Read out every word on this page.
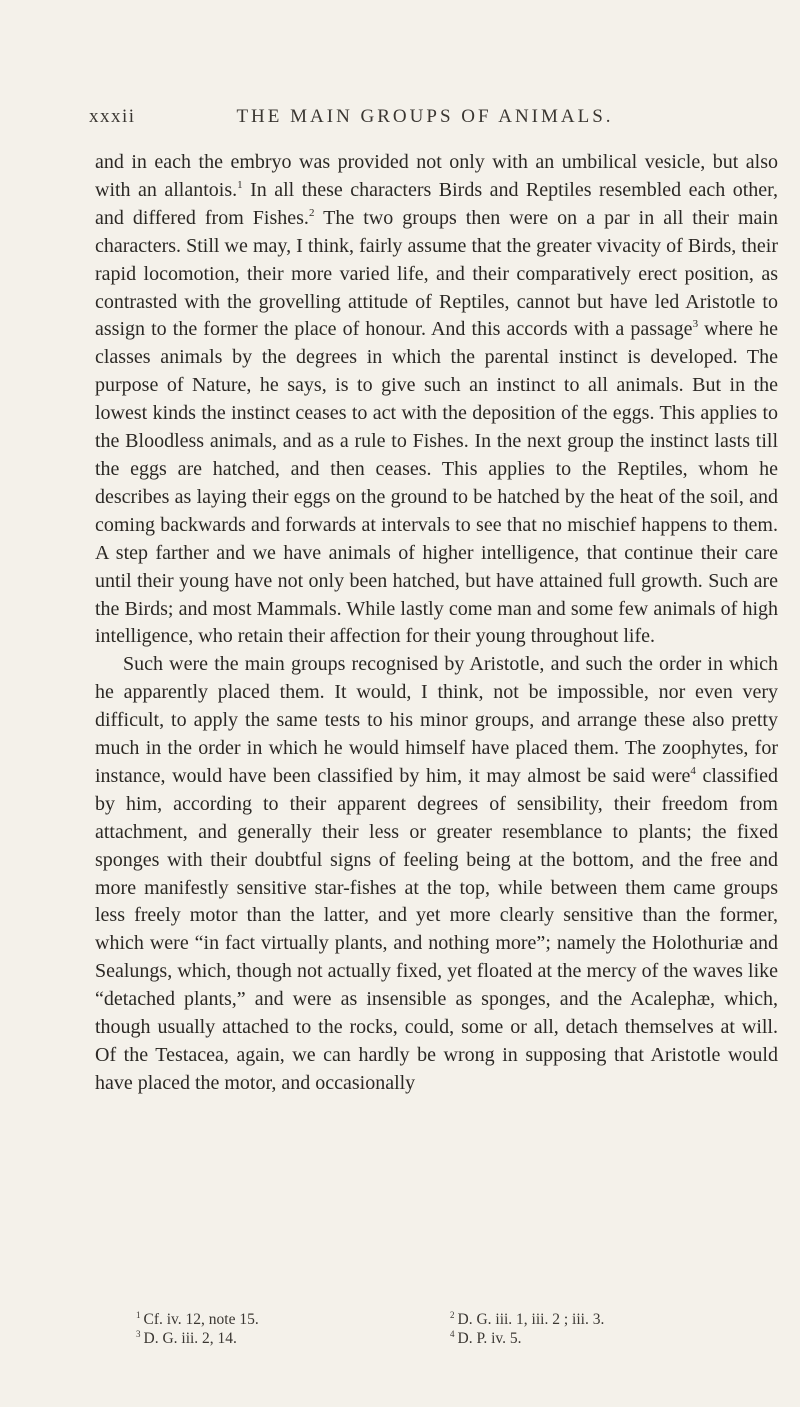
xxxii	THE MAIN GROUPS OF ANIMALS.

and in each the embryo was provided not only with an umbilical vesicle, but also with an allantois.$^1$ In all these characters Birds and Reptiles resembled each other, and differed from Fishes.$^2$ The two groups then were on a par in all their main characters. Still we may, I think, fairly assume that the greater vivacity of Birds, their rapid locomotion, their more varied life, and their comparatively erect position, as contrasted with the grovelling attitude of Reptiles, cannot but have led Aristotle to assign to the former the place of honour. And this accords with a passage$^3$ where he classes animals by the degrees in which the parental instinct is developed. The purpose of Nature, he says, is to give such an instinct to all animals. But in the lowest kinds the instinct ceases to act with the deposition of the eggs. This applies to the Bloodless animals, and as a rule to Fishes. In the next group the instinct lasts till the eggs are hatched, and then ceases. This applies to the Reptiles, whom he describes as laying their eggs on the ground to be hatched by the heat of the soil, and coming backwards and forwards at intervals to see that no mischief happens to them. A step farther and we have animals of higher intelligence, that continue their care until their young have not only been hatched, but have attained full growth. Such are the Birds; and most Mammals. While lastly come man and some few animals of high intelligence, who retain their affection for their young throughout life.

Such were the main groups recognised by Aristotle, and such the order in which he apparently placed them. It would, I think, not be impossible, nor even very difficult, to apply the same tests to his minor groups, and arrange these also pretty much in the order in which he would himself have placed them. The zoophytes, for instance, would have been classified by him, it may almost be said were$^4$ classified by him, according to their apparent degrees of sensibility, their freedom from attachment, and generally their less or greater resemblance to plants; the fixed sponges with their doubtful signs of feeling being at the bottom, and the free and more manifestly sensitive star-fishes at the top, while between them came groups less freely motor than the latter, and yet more clearly sensitive than the former, which were “in fact virtually plants, and nothing more”; namely the Holothuriæ and Sealungs, which, though not actually fixed, yet floated at the mercy of the waves like “detached plants,” and were as insensible as sponges, and the Acalephæ, which, though usually attached to the rocks, could, some or all, detach themselves at will. Of the Testacea, again, we can hardly be wrong in supposing that Aristotle would have placed the motor, and occasionally

$^1$ Cf. iv. 12, note 15.	$^2$ D. G. iii. 1, iii. 2 ; iii. 3.
$^3$ D. G. iii. 2, 14.	$^4$ D. P. iv. 5.
